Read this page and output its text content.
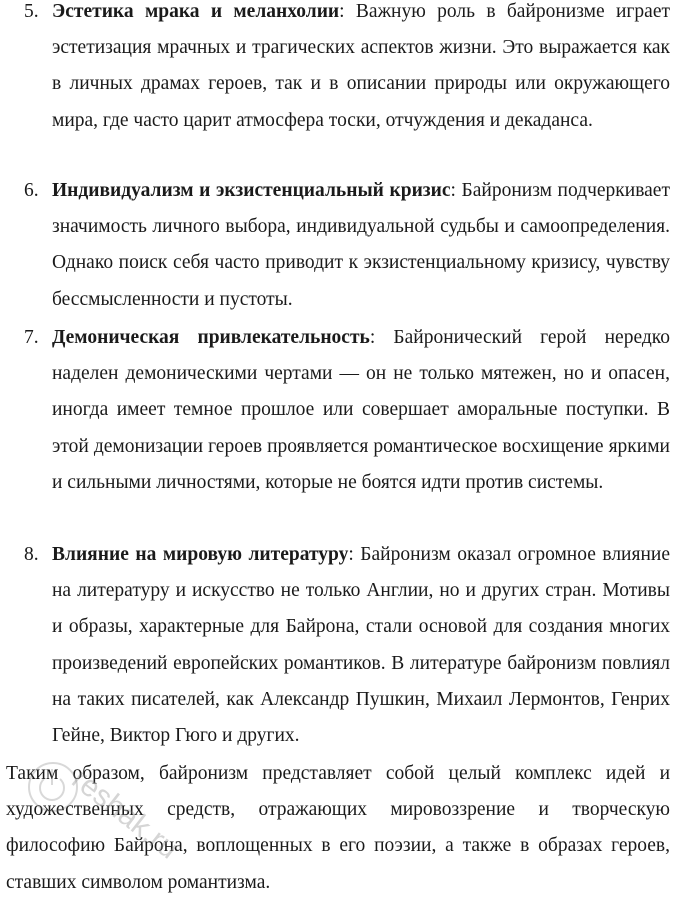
5. Эстетика мрака и меланхолии: Важную роль в байронизме играет эстетизация мрачных и трагических аспектов жизни. Это выражается как в личных драмах героев, так и в описании природы или окружающего мира, где часто царит атмосфера тоски, отчуждения и декаданса.
6. Индивидуализм и экзистенциальный кризис: Байронизм подчеркивает значимость личного выбора, индивидуальной судьбы и самоопределения. Однако поиск себя часто приводит к экзистенциальному кризису, чувству бессмысленности и пустоты.
7. Демоническая привлекательность: Байронический герой нередко наделен демоническими чертами — он не только мятежен, но и опасен, иногда имеет темное прошлое или совершает аморальные поступки. В этой демонизации героев проявляется романтическое восхищение яркими и сильными личностями, которые не боятся идти против системы.
8. Влияние на мировую литературу: Байронизм оказал огромное влияние на литературу и искусство не только Англии, но и других стран. Мотивы и образы, характерные для Байрона, стали основой для создания многих произведений европейских романтиков. В литературе байронизм повлиял на таких писателей, как Александр Пушкин, Михаил Лермонтов, Генрих Гейне, Виктор Гюго и других.

Таким образом, байронизм представляет собой целый комплекс идей и художественных средств, отражающих мировоззрение и творческую философию Байрона, воплощенных в его поэзии, а также в образах героев, ставших символом романтизма.

reshak.ru
